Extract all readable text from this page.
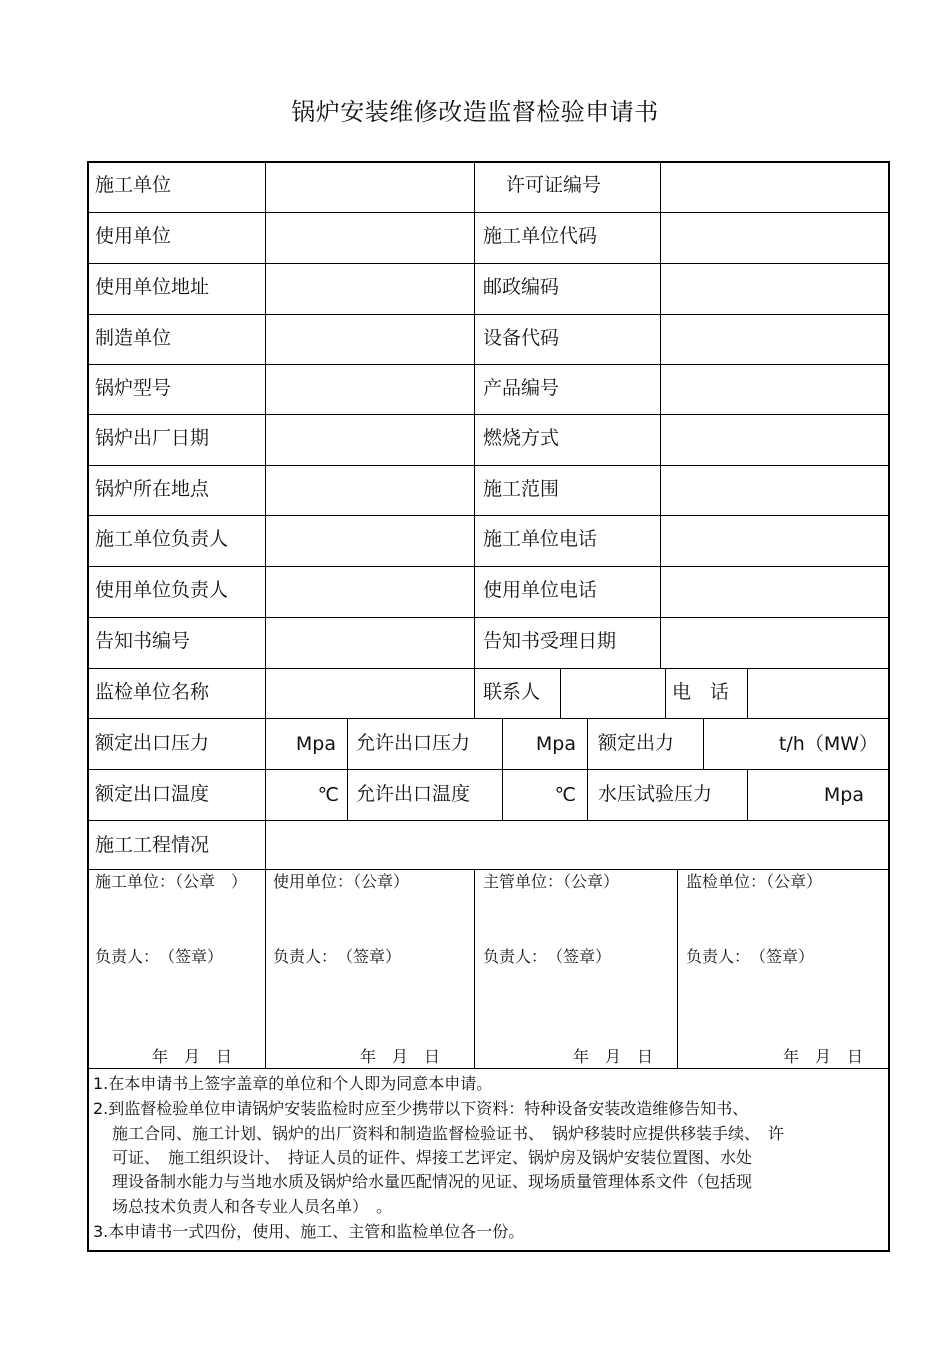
锅炉安装维修改造监督检验申请书
施工单位	许可证编号
使用单位	施工单位代码
使用单位地址	邮政编码
制造单位	设备代码
锅炉型号	产品编号
锅炉出厂日期	燃烧方式
锅炉所在地点	施工范围
施工单位负责人	施工单位电话
使用单位负责人	使用单位电话
告知书编号	告知书受理日期
监检单位名称	联系人	电　话
额定出口压力	Mpa 允许出口压力	Mpa 额定出力	t/h（MW）
额定出口温度	℃ 允许出口温度	℃ 水压试验压力	Mpa
施工工程情况
施工单位：（公章　）
负责人：　（签章）
年　月　日
使用单位：（公章）
负责人：　（签章）
年　月　日
主管单位：（公章）
负责人：　（签章）
年　月　日
监检单位：（公章）
负责人：　（签章）
年　月　日
1.在本申请书上签字盖章的单位和个人即为同意本申请。
2.到监督检验单位申请锅炉安装监检时应至少携带以下资料：特种设备安装改造维修告知书、
施工合同、施工计划、锅炉的出厂资料和制造监督检验证书、　锅炉移装时应提供移装手续、　许
可证、　施工组织设计、　持证人员的证件、焊接工艺评定、锅炉房及锅炉安装位置图、水处
理设备制水能力与当地水质及锅炉给水量匹配情况的见证、现场质量管理体系文件（包括现
场总技术负责人和各专业人员名单）　。
3.本申请书一式四份，使用、施工、主管和监检单位各一份。
